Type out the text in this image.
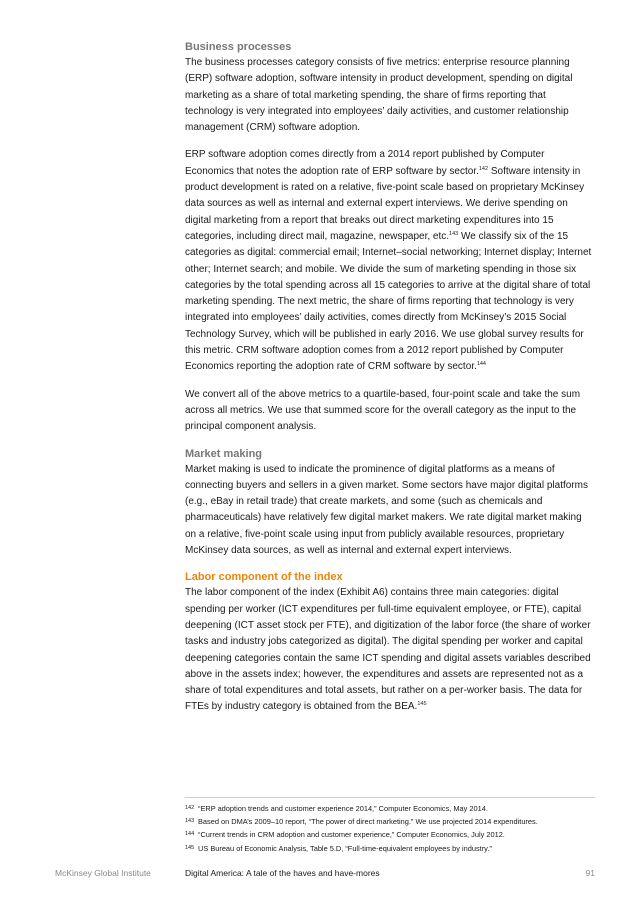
Business processes

The business processes category consists of five metrics: enterprise resource planning (ERP) software adoption, software intensity in product development, spending on digital marketing as a share of total marketing spending, the share of firms reporting that technology is very integrated into employees’ daily activities, and customer relationship management (CRM) software adoption.

ERP software adoption comes directly from a 2014 report published by Computer Economics that notes the adoption rate of ERP software by sector.$^{142}$ Software intensity in product development is rated on a relative, five-point scale based on proprietary McKinsey data sources as well as internal and external expert interviews. We derive spending on digital marketing from a report that breaks out direct marketing expenditures into 15 categories, including direct mail, magazine, newspaper, etc.$^{143}$ We classify six of the 15 categories as digital: commercial email; Internet–social networking; Internet display; Internet other; Internet search; and mobile. We divide the sum of marketing spending in those six categories by the total spending across all 15 categories to arrive at the digital share of total marketing spending. The next metric, the share of firms reporting that technology is very integrated into employees’ daily activities, comes directly from McKinsey’s 2015 Social Technology Survey, which will be published in early 2016. We use global survey results for this metric. CRM software adoption comes from a 2012 report published by Computer Economics reporting the adoption rate of CRM software by sector.$^{144}$

We convert all of the above metrics to a quartile-based, four-point scale and take the sum across all metrics. We use that summed score for the overall category as the input to the principal component analysis.

Market making

Market making is used to indicate the prominence of digital platforms as a means of connecting buyers and sellers in a given market. Some sectors have major digital platforms (e.g., eBay in retail trade) that create markets, and some (such as chemicals and pharmaceuticals) have relatively few digital market makers. We rate digital market making on a relative, five-point scale using input from publicly available resources, proprietary McKinsey data sources, as well as internal and external expert interviews.

Labor component of the index

The labor component of the index (Exhibit A6) contains three main categories: digital spending per worker (ICT expenditures per full-time equivalent employee, or FTE), capital deepening (ICT asset stock per FTE), and digitization of the labor force (the share of worker tasks and industry jobs categorized as digital). The digital spending per worker and capital deepening categories contain the same ICT spending and digital assets variables described above in the assets index; however, the expenditures and assets are represented not as a share of total expenditures and total assets, but rather on a per-worker basis. The data for FTEs by industry category is obtained from the BEA.$^{145}$

142 “ERP adoption trends and customer experience 2014,” Computer Economics, May 2014.
143 Based on DMA’s 2009–10 report, “The power of direct marketing.” We use projected 2014 expenditures.
144 “Current trends in CRM adoption and customer experience,” Computer Economics, July 2012.
145 US Bureau of Economic Analysis, Table 5.D, “Full-time-equivalent employees by industry.”
McKinsey Global Institute	Digital America: A tale of the haves and have-mores	91
